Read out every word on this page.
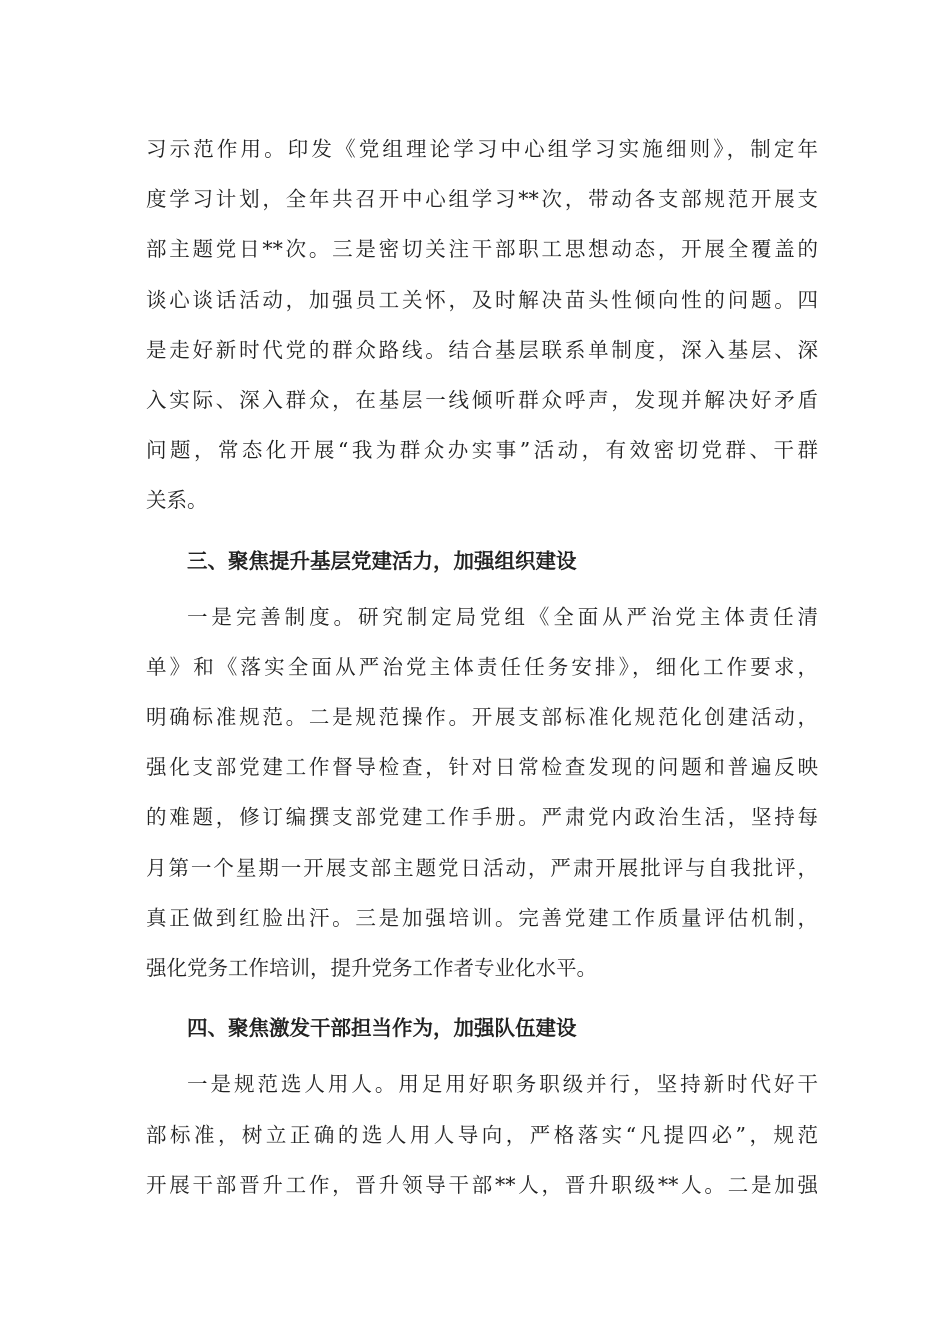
习示范作用。印发《党组理论学习中心组学习实施细则》，制定年
度学习计划，全年共召开中心组学习**次，带动各支部规范开展支
部主题党日**次。三是密切关注干部职工思想动态，开展全覆盖的
谈心谈话活动，加强员工关怀，及时解决苗头性倾向性的问题。四
是走好新时代党的群众路线。结合基层联系单制度，深入基层、深
入实际、深入群众，在基层一线倾听群众呼声，发现并解决好矛盾
问题，常态化开展“我为群众办实事”活动，有效密切党群、干群
关系。
三、聚焦提升基层党建活力，加强组织建设
一是完善制度。研究制定局党组《全面从严治党主体责任清
单》和《落实全面从严治党主体责任任务安排》，细化工作要求，
明确标准规范。二是规范操作。开展支部标准化规范化创建活动，
强化支部党建工作督导检查，针对日常检查发现的问题和普遍反映
的难题，修订编撰支部党建工作手册。严肃党内政治生活，坚持每
月第一个星期一开展支部主题党日活动，严肃开展批评与自我批评，
真正做到红脸出汗。三是加强培训。完善党建工作质量评估机制，
强化党务工作培训，提升党务工作者专业化水平。
四、聚焦激发干部担当作为，加强队伍建设
一是规范选人用人。用足用好职务职级并行，坚持新时代好干
部标准，树立正确的选人用人导向，严格落实“凡提四必”，规范
开展干部晋升工作，晋升领导干部**人，晋升职级**人。二是加强
